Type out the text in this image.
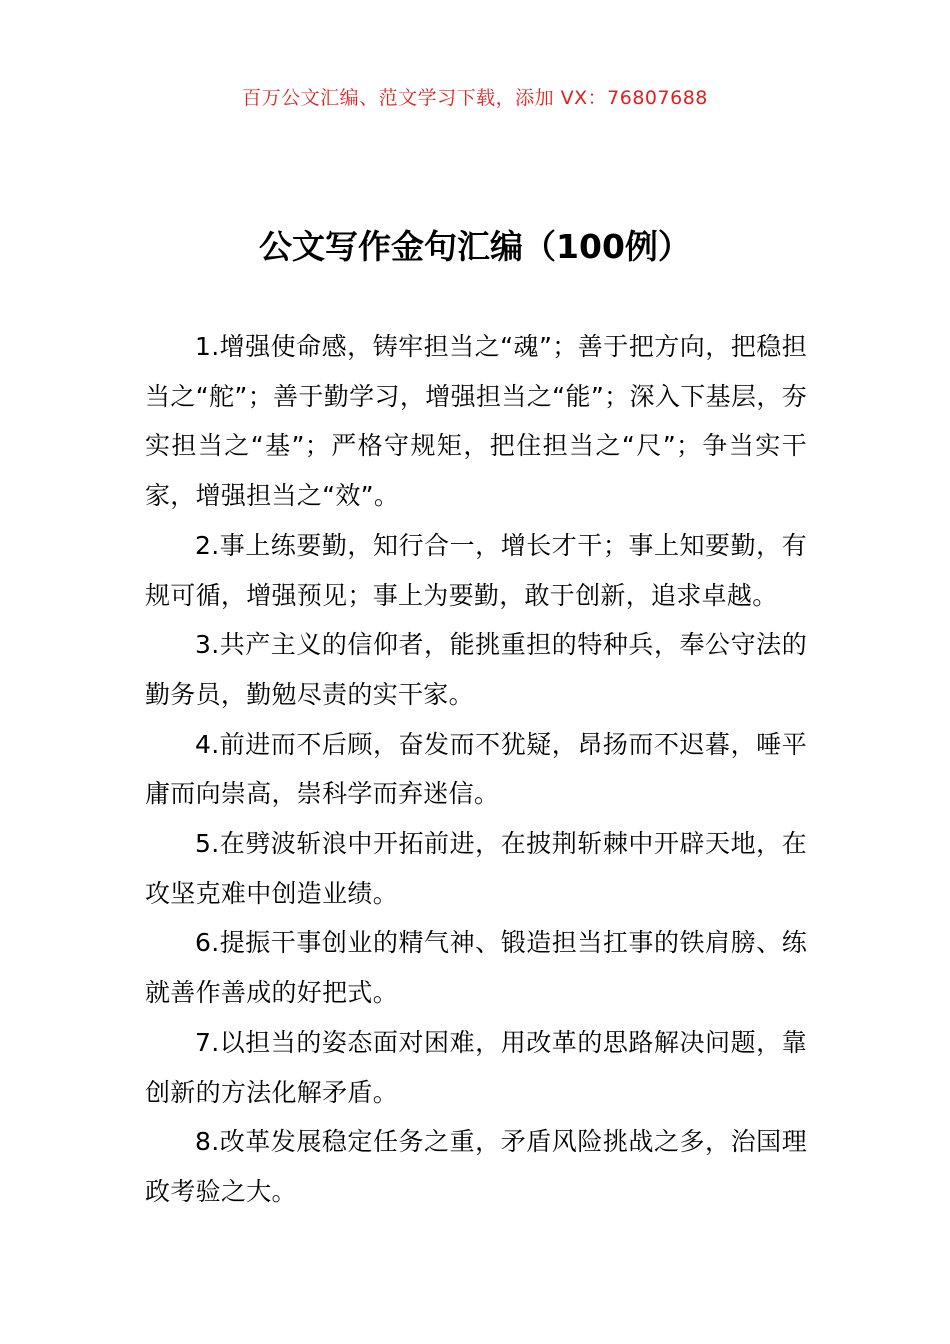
百万公文汇编、范文学习下载，添加 VX：76807688
公文写作金句汇编（100例）

1.增强使命感，铸牢担当之“魂”；善于把方向，把稳担当之“舵”；善于勤学习，增强担当之“能”；深入下基层，夯实担当之“基”；严格守规矩，把住担当之“尺”；争当实干家，增强担当之“效”。

2.事上练要勤，知行合一，增长才干；事上知要勤，有规可循，增强预见；事上为要勤，敢于创新，追求卓越。

3.共产主义的信仰者，能挑重担的特种兵，奉公守法的勤务员，勤勉尽责的实干家。

4.前进而不后顾，奋发而不犹疑，昂扬而不迟暮，唾平庸而向崇高，崇科学而弃迷信。

5.在劈波斩浪中开拓前进，在披荆斩棘中开辟天地，在攻坚克难中创造业绩。

6.提振干事创业的精气神、锻造担当扛事的铁肩膀、练就善作善成的好把式。

7.以担当的姿态面对困难，用改革的思路解决问题，靠创新的方法化解矛盾。

8.改革发展稳定任务之重，矛盾风险挑战之多，治国理政考验之大。
